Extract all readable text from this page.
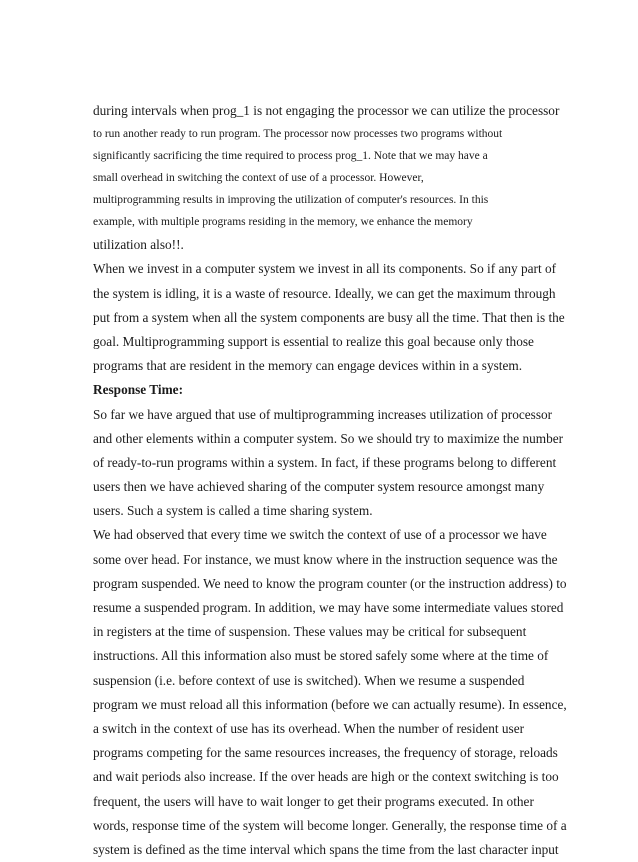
during intervals when prog_1 is not engaging the processor we can utilize the processor
to run another ready to run program. The processor now processes two programs without
significantly sacrificing the time required to process prog_1. Note that we may have a
small overhead in switching the context of use of a processor. However,
multiprogramming results in improving the utilization of computer's resources. In this
example, with multiple programs residing in the memory, we enhance the memory
utilization also!!.
When we invest in a computer system we invest in all its components. So if any part of
the system is idling, it is a waste of resource. Ideally, we can get the maximum through
put from a system when all the system components are busy all the time. That then is the
goal. Multiprogramming support is essential to realize this goal because only those
programs that are resident in the memory can engage devices within in a system.
Response Time:
So far we have argued that use of multiprogramming increases utilization of processor
and other elements within a computer system. So we should try to maximize the number
of ready-to-run programs within a system. In fact, if these programs belong to different
users then we have achieved sharing of the computer system resource amongst many
users. Such a system is called a time sharing system.
We had observed that every time we switch the context of use of a processor we have
some over head. For instance, we must know where in the instruction sequence was the
program suspended. We need to know the program counter (or the instruction address) to
resume a suspended program. In addition, we may have some intermediate values stored
in registers at the time of suspension. These values may be critical for subsequent
instructions. All this information also must be stored safely some where at the time of
suspension (i.e. before context of use is switched). When we resume a suspended
program we must reload all this information (before we can actually resume). In essence,
a switch in the context of use has its overhead. When the number of resident user
programs competing for the same resources increases, the frequency of storage, reloads
and wait periods also increase. If the over heads are high or the context switching is too
frequent, the users will have to wait longer to get their programs executed. In other
words, response time of the system will become longer. Generally, the response time of a
system is defined as the time interval which spans the time from the last character input
